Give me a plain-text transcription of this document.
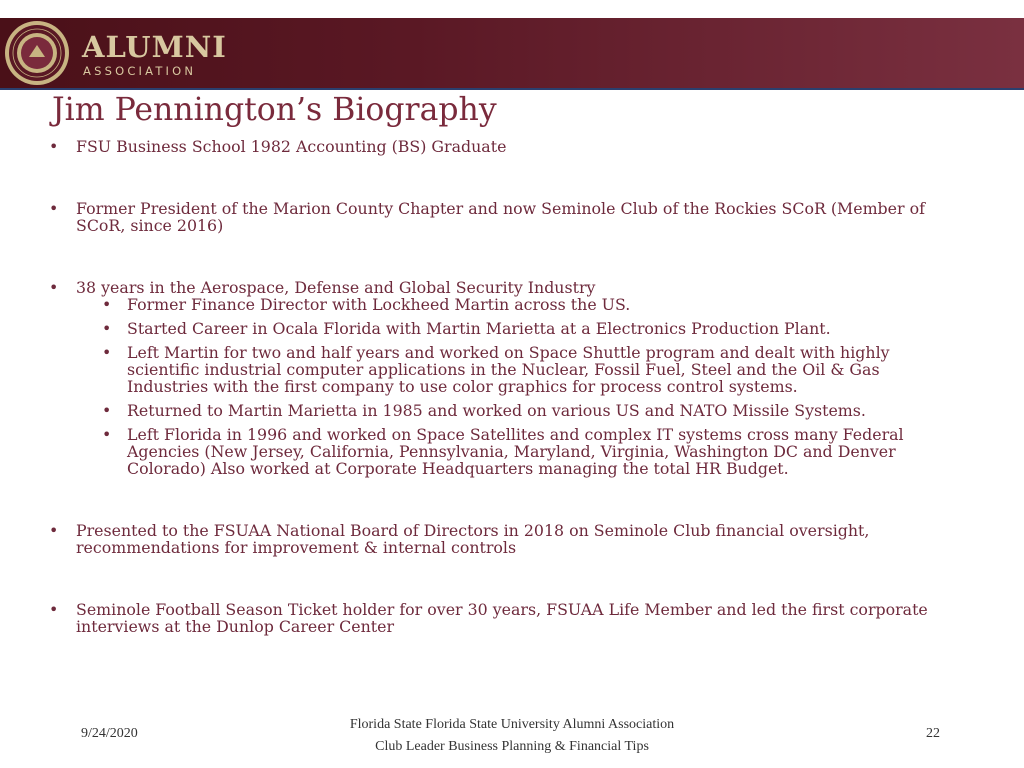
ALUMNI
ASSOCIATION
Jim Pennington’s Biography
• FSU Business School 1982 Accounting (BS) Graduate
• Former President of the Marion County Chapter and now Seminole Club of the Rockies SCoR (Member of SCoR, since 2016)
• 38 years in the Aerospace, Defense and Global Security Industry
• Former Finance Director with Lockheed Martin across the US.
• Started Career in Ocala Florida with Martin Marietta at a Electronics Production Plant.
• Left Martin for two and half years and worked on Space Shuttle program and dealt with highly scientific industrial computer applications in the Nuclear, Fossil Fuel, Steel and the Oil & Gas Industries with the first company to use color graphics for process control systems.
• Returned to Martin Marietta in 1985 and worked on various US and NATO Missile Systems.
• Left Florida in 1996 and worked on Space Satellites and complex IT systems cross many Federal Agencies (New Jersey, California, Pennsylvania, Maryland, Virginia, Washington DC and Denver Colorado) Also worked at Corporate Headquarters managing the total HR Budget.
• Presented to the FSUAA National Board of Directors in 2018 on Seminole Club financial oversight, recommendations for improvement & internal controls
• Seminole Football Season Ticket holder for over 30 years, FSUAA Life Member and led the first corporate interviews at the Dunlop Career Center
9/24/2020
Florida State Florida State University Alumni Association
Club Leader Business Planning & Financial Tips
22
